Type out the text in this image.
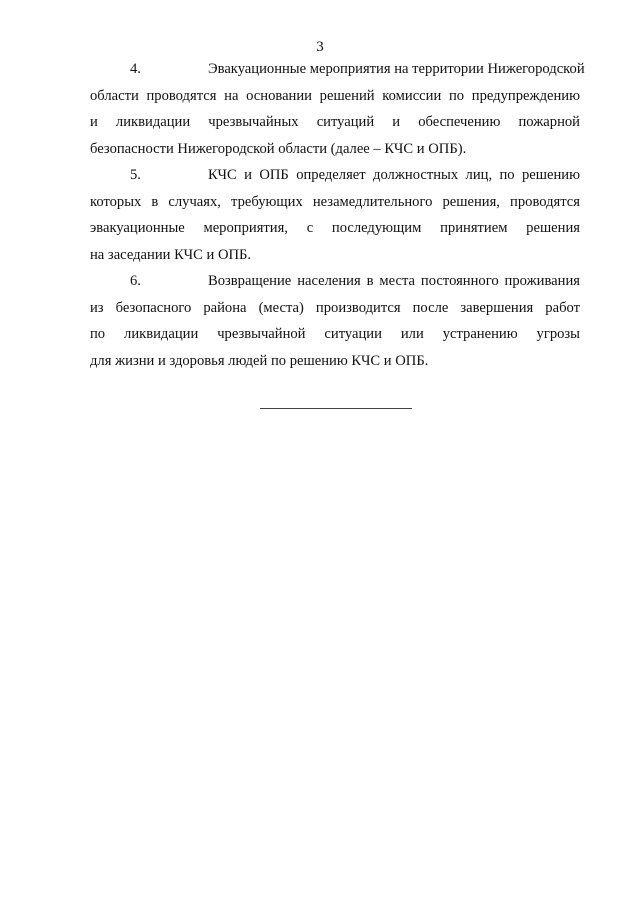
3

4.	Эвакуационные мероприятия на территории Нижегородской
области проводятся на основании решений комиссии по предупреждению
и ликвидации чрезвычайных ситуаций и обеспечению пожарной
безопасности Нижегородской области (далее – КЧС и ОПБ).

5.	КЧС и ОПБ определяет должностных лиц, по решению
которых в случаях, требующих незамедлительного решения, проводятся
эвакуационные мероприятия, с последующим принятием решения
на заседании КЧС и ОПБ.

6.	Возвращение населения в места постоянного проживания
из безопасного района (места) производится после завершения работ
по ликвидации чрезвычайной ситуации или устранению угрозы
для жизни и здоровья людей по решению КЧС и ОПБ.
